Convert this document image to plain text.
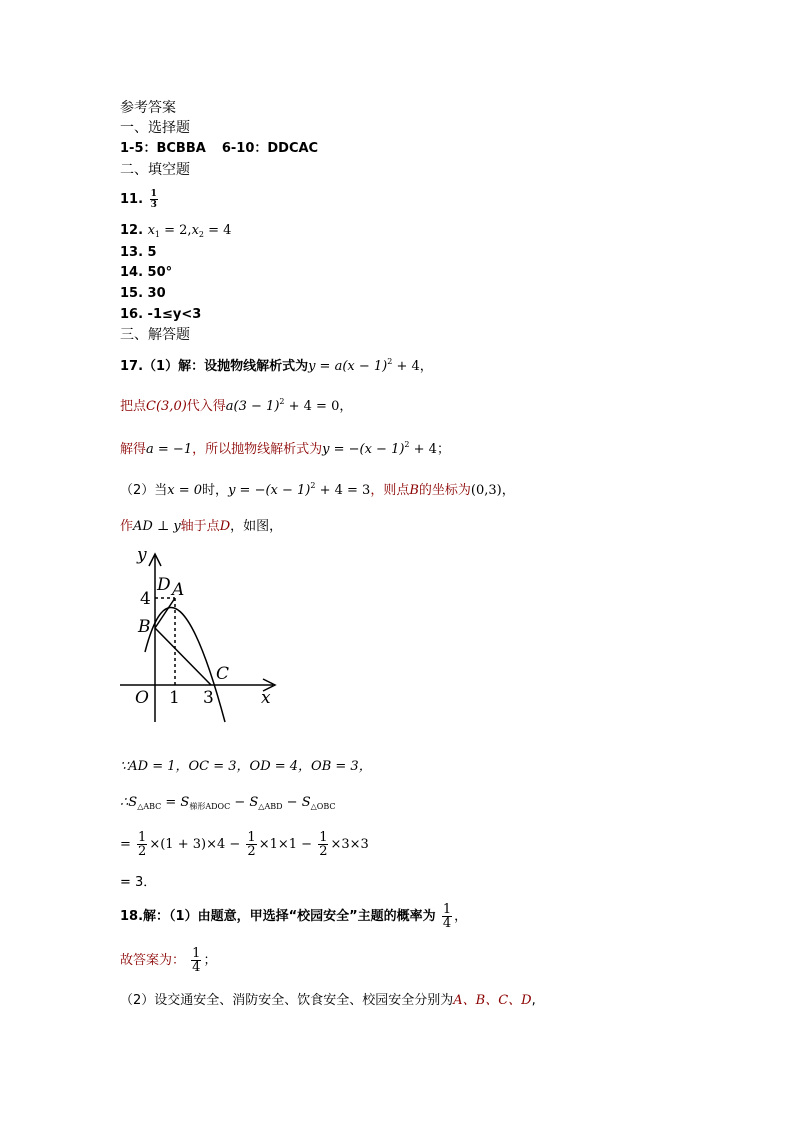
参考答案
一、选择题
1-5：BCBBA 6-10：DDCAC
二、填空题
11. $\frac{1}{3}$
12. $x_1 = 2,x_2 = 4$
13. 5
14. 50°
15. 30
16. -1≤y<3
三、解答题
17.（1）解：设抛物线解析式为$y = a(x - 1)^2 + 4$，
把点C(3,0)代入得$a(3 - 1)^2 + 4 = 0$，
解得a = −1，所以抛物线解析式为$y = -(x - 1)^2 + 4$；
（2）当x = 0时，$y = -(x - 1)^2 + 4 = 3$，则点B的坐标为(0,3)，
作AD ⊥ y轴于点D，如图，
y
x
O
D A
B
C
4
1 3
∵AD = 1，OC = 3，OD = 4，OB = 3，
$\therefore S_{\triangle ABC} = S_{梯形ADOC} - S_{\triangle ABD} - S_{\triangle OBC}$
= $\frac{1}{2} \times(1 + 3)\times 4 - \frac{1}{2} \times 1\times 1 - \frac{1}{2} \times 3\times 3$
= 3．
18.解：（1）由题意，甲选择“校园安全”主题的概率为 $\frac{1}{4}$ ，
故答案为： $\frac{1}{4}$ ；
（2）设交通安全、消防安全、饮食安全、校园安全分别为A、B、C、D,
